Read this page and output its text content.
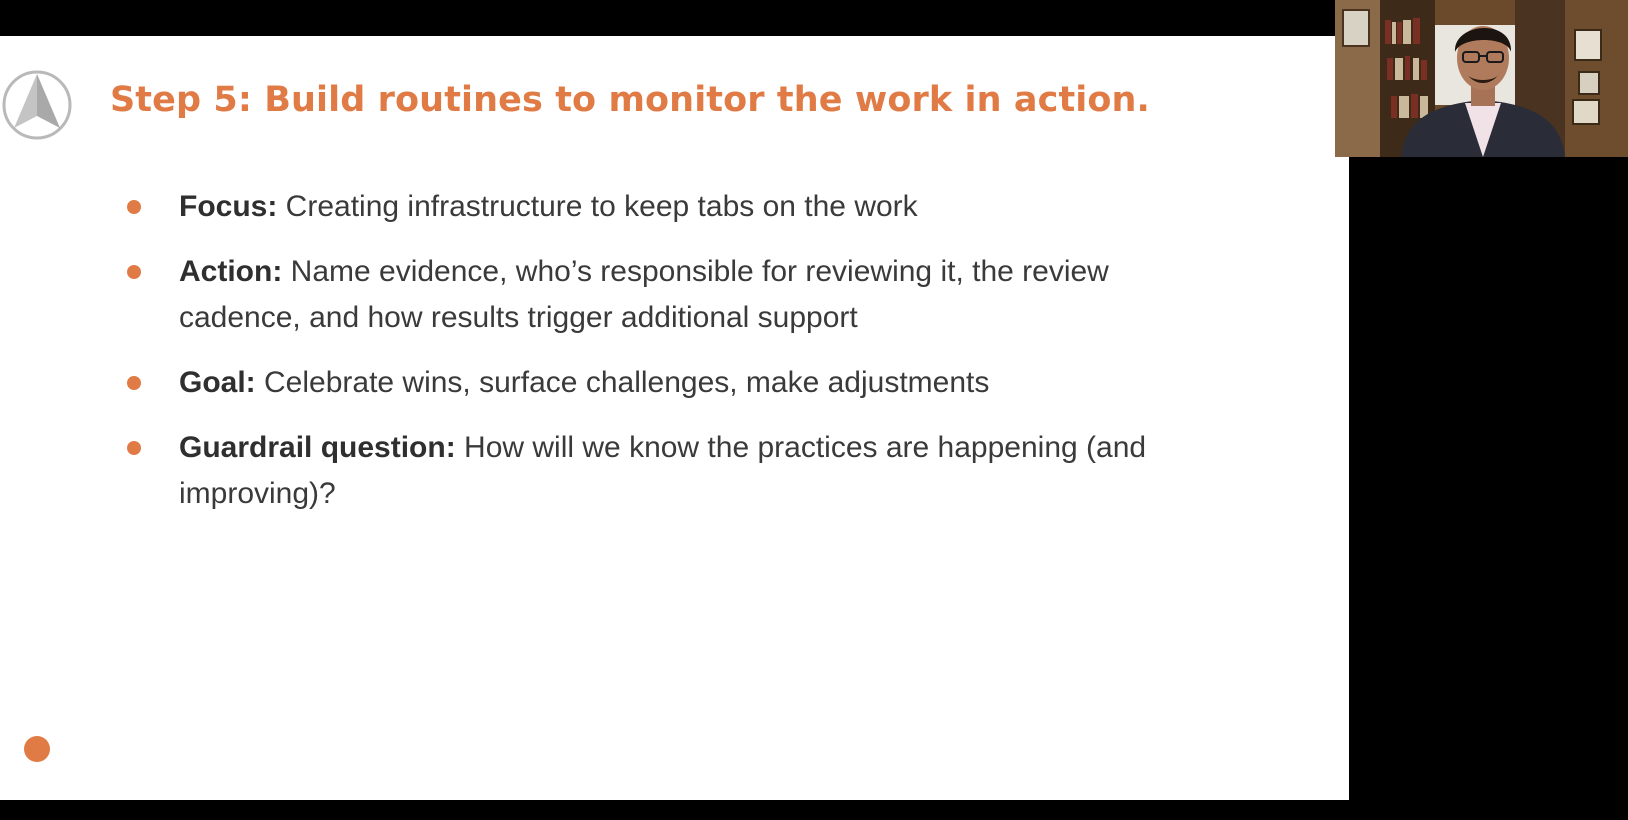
Step 5: Build routines to monitor the work in action.
Focus: Creating infrastructure to keep tabs on the work
Action: Name evidence, who’s responsible for reviewing it, the review cadence, and how results trigger additional support
Goal: Celebrate wins, surface challenges, make adjustments
Guardrail question: How will we know the practices are happening (and improving)?
